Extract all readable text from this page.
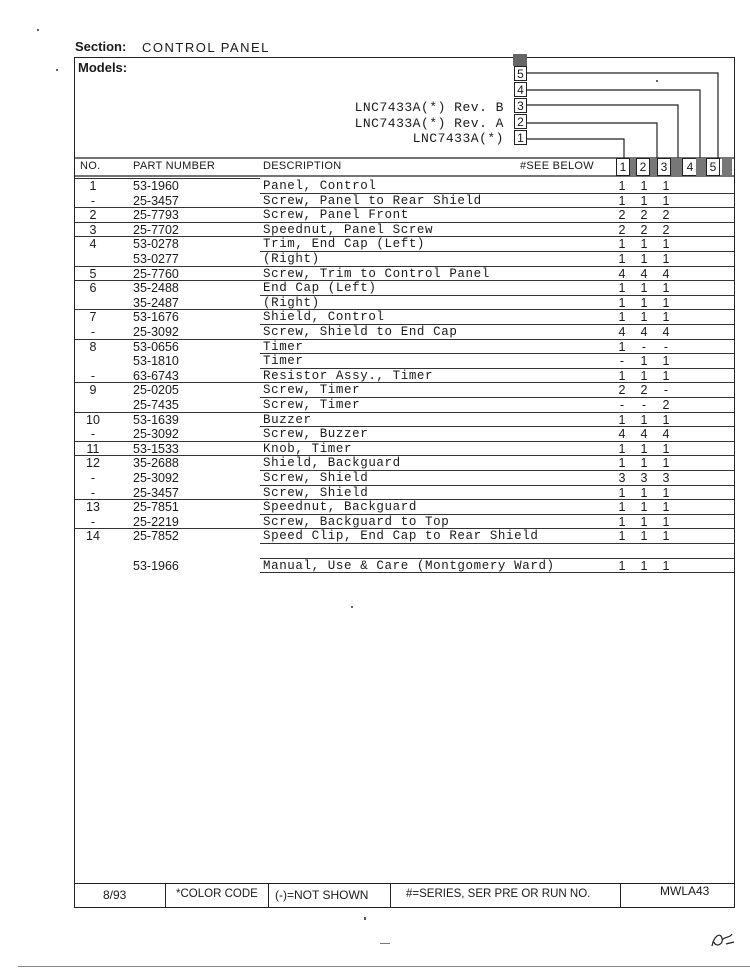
Section: CONTROL PANEL
Models:
LNC7433A(*) Rev. B
LNC7433A(*) Rev. A
LNC7433A(*)
5
4
3
2
1
NO.	PART NUMBER	DESCRIPTION	#SEE BELOW	1	2	3	4	5
1	53-1960	Panel, Control	1 1 1
-	25-3457	Screw, Panel to Rear Shield	1 1 1
2	25-7793	Screw, Panel Front	2 2 2
3	25-7702	Speednut, Panel Screw	2 2 2
4	53-0278	Trim, End Cap (Left)	1 1 1
53-0277	(Right)	1 1 1
5	25-7760	Screw, Trim to Control Panel	4 4 4
6	35-2488	End Cap (Left)	1 1 1
35-2487	(Right)	1 1 1
7	53-1676	Shield, Control	1 1 1
-	25-3092	Screw, Shield to End Cap	4 4 4
8	53-0656	Timer	1	-	-
53-1810	Timer	-	1 1
-	63-6743	Resistor Assy., Timer	1 1 1
9	25-0205	Screw, Timer	2 2	-
25-7435	Screw, Timer	-	-	2
10	53-1639	Buzzer	1 1 1
-	25-3092	Screw, Buzzer	4 4 4
11	53-1533	Knob, Timer	1 1 1
12	35-2688	Shield, Backguard	1 1 1
-	25-3092	Screw, Shield	3 3 3
-	25-3457	Screw, Shield	1 1 1
13	25-7851	Speednut, Backguard	1 1 1
-	25-2219	Screw, Backguard to Top	1 1 1
14	25-7852	Speed Clip, End Cap to Rear Shield	1 1 1
53-1966	Manual, Use & Care (Montgomery Ward)	1 1 1
8/93	*COLOR CODE (-)=NOT SHOWN	#=SERIES, SER PRE OR RUN NO.	MWLA43
